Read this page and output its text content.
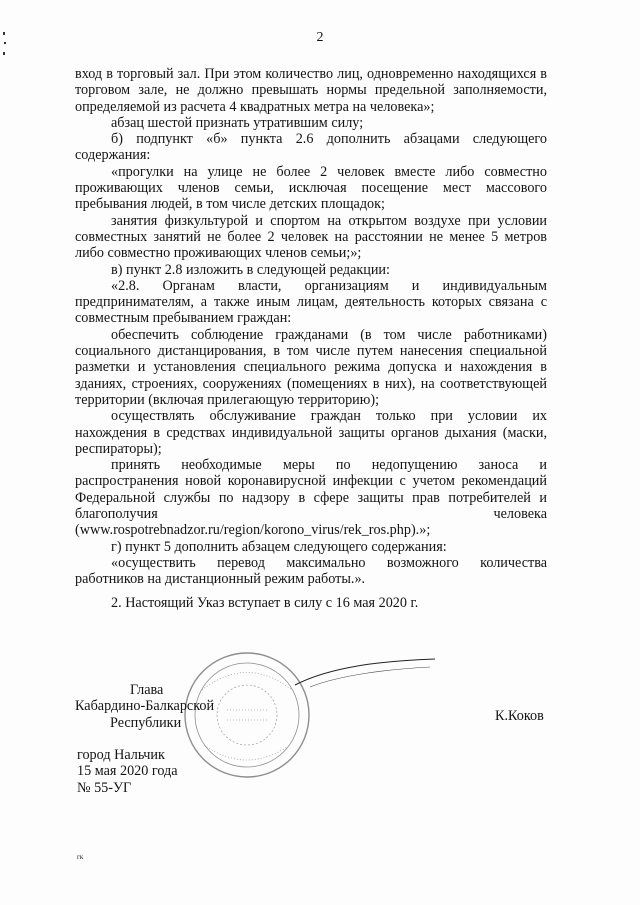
2

вход в торговый зал. При этом количество лиц, одновременно находящихся в торговом зале, не должно превышать нормы предельной заполняемости, определяемой из расчета 4 квадратных метра на человека»;

абзац шестой признать утратившим силу;

б) подпункт «б» пункта 2.6 дополнить абзацами следующего содержания:

«прогулки на улице не более 2 человек вместе либо совместно проживающих членов семьи, исключая посещение мест массового пребывания людей, в том числе детских площадок;

занятия физкультурой и спортом на открытом воздухе при условии совместных занятий не более 2 человек на расстоянии не менее 5 метров либо совместно проживающих членов семьи;»;

в) пункт 2.8 изложить в следующей редакции:

«2.8. Органам власти, организациям и индивидуальным предпринимателям, а также иным лицам, деятельность которых связана с совместным пребыванием граждан:

обеспечить соблюдение гражданами (в том числе работниками) социального дистанцирования, в том числе путем нанесения специальной разметки и установления специального режима допуска и нахождения в зданиях, строениях, сооружениях (помещениях в них), на соответствующей территории (включая прилегающую территорию);

осуществлять обслуживание граждан только при условии их нахождения в средствах индивидуальной защиты органов дыхания (маски, респираторы);

принять необходимые меры по недопущению заноса и распространения новой коронавирусной инфекции с учетом рекомендаций Федеральной службы по надзору в сфере защиты прав потребителей и благополучия человека (www.rospotrebnadzor.ru/region/korono_virus/rek_ros.php).»;

г) пункт 5 дополнить абзацем следующего содержания:

«осуществить перевод максимально возможного количества работников на дистанционный режим работы.».

2. Настоящий Указ вступает в силу с 16 мая 2020 г.

Глава
Кабардино-Балкарской
Республики	К.Коков
город Нальчик
15 мая 2020 года
№ 55-УГ
гк
